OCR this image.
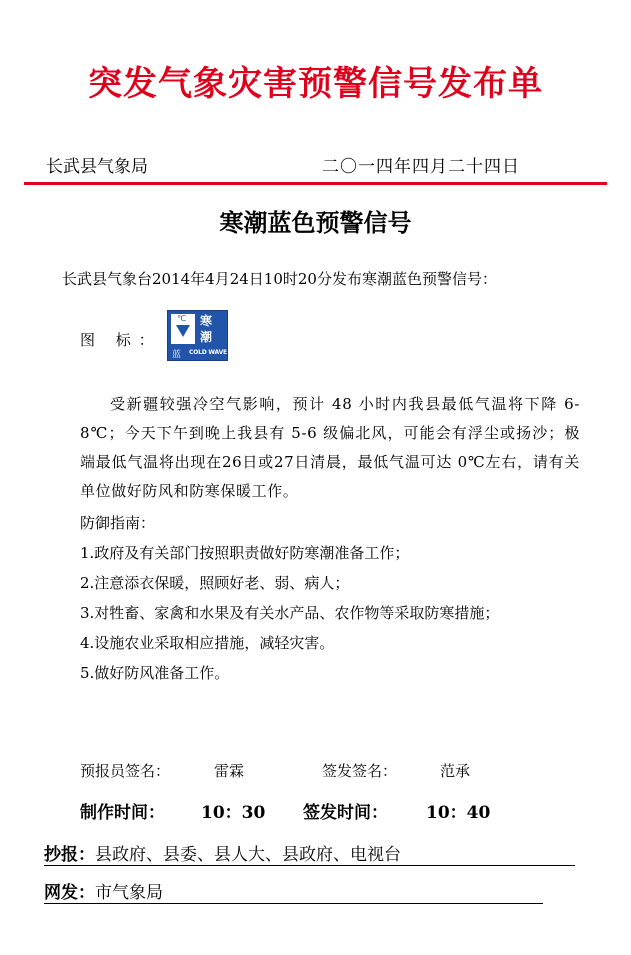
突发气象灾害预警信号发布单
长武县气象局	二〇一四年四月二十四日
寒潮蓝色预警信号
长武县气象台2014年4月24日10时20分发布寒潮蓝色预警信号：
图 标：
℃ 寒
潮
蓝 COLD WAVE
受新疆较强冷空气影响，预计 48 小时内我县最低气温将下降 6-8℃；今天下午到晚上我县有 5-6 级偏北风，可能会有浮尘或扬沙；极端最低气温将出现在26日或27日清晨，最低气温可达 0℃左右，请有关单位做好防风和防寒保暖工作。
防御指南：
1.政府及有关部门按照职责做好防寒潮准备工作；
2.注意添衣保暖，照顾好老、弱、病人；
3.对牲畜、家禽和水果及有关水产品、农作物等采取防寒措施；
4.设施农业采取相应措施，减轻灾害。
5.做好防风准备工作。
预报员签名：	雷霖	签发签名：	范承
制作时间： 10：30 签发时间： 10：40
抄报：县政府、县委、县人大、县政府、电视台
网发：市气象局
